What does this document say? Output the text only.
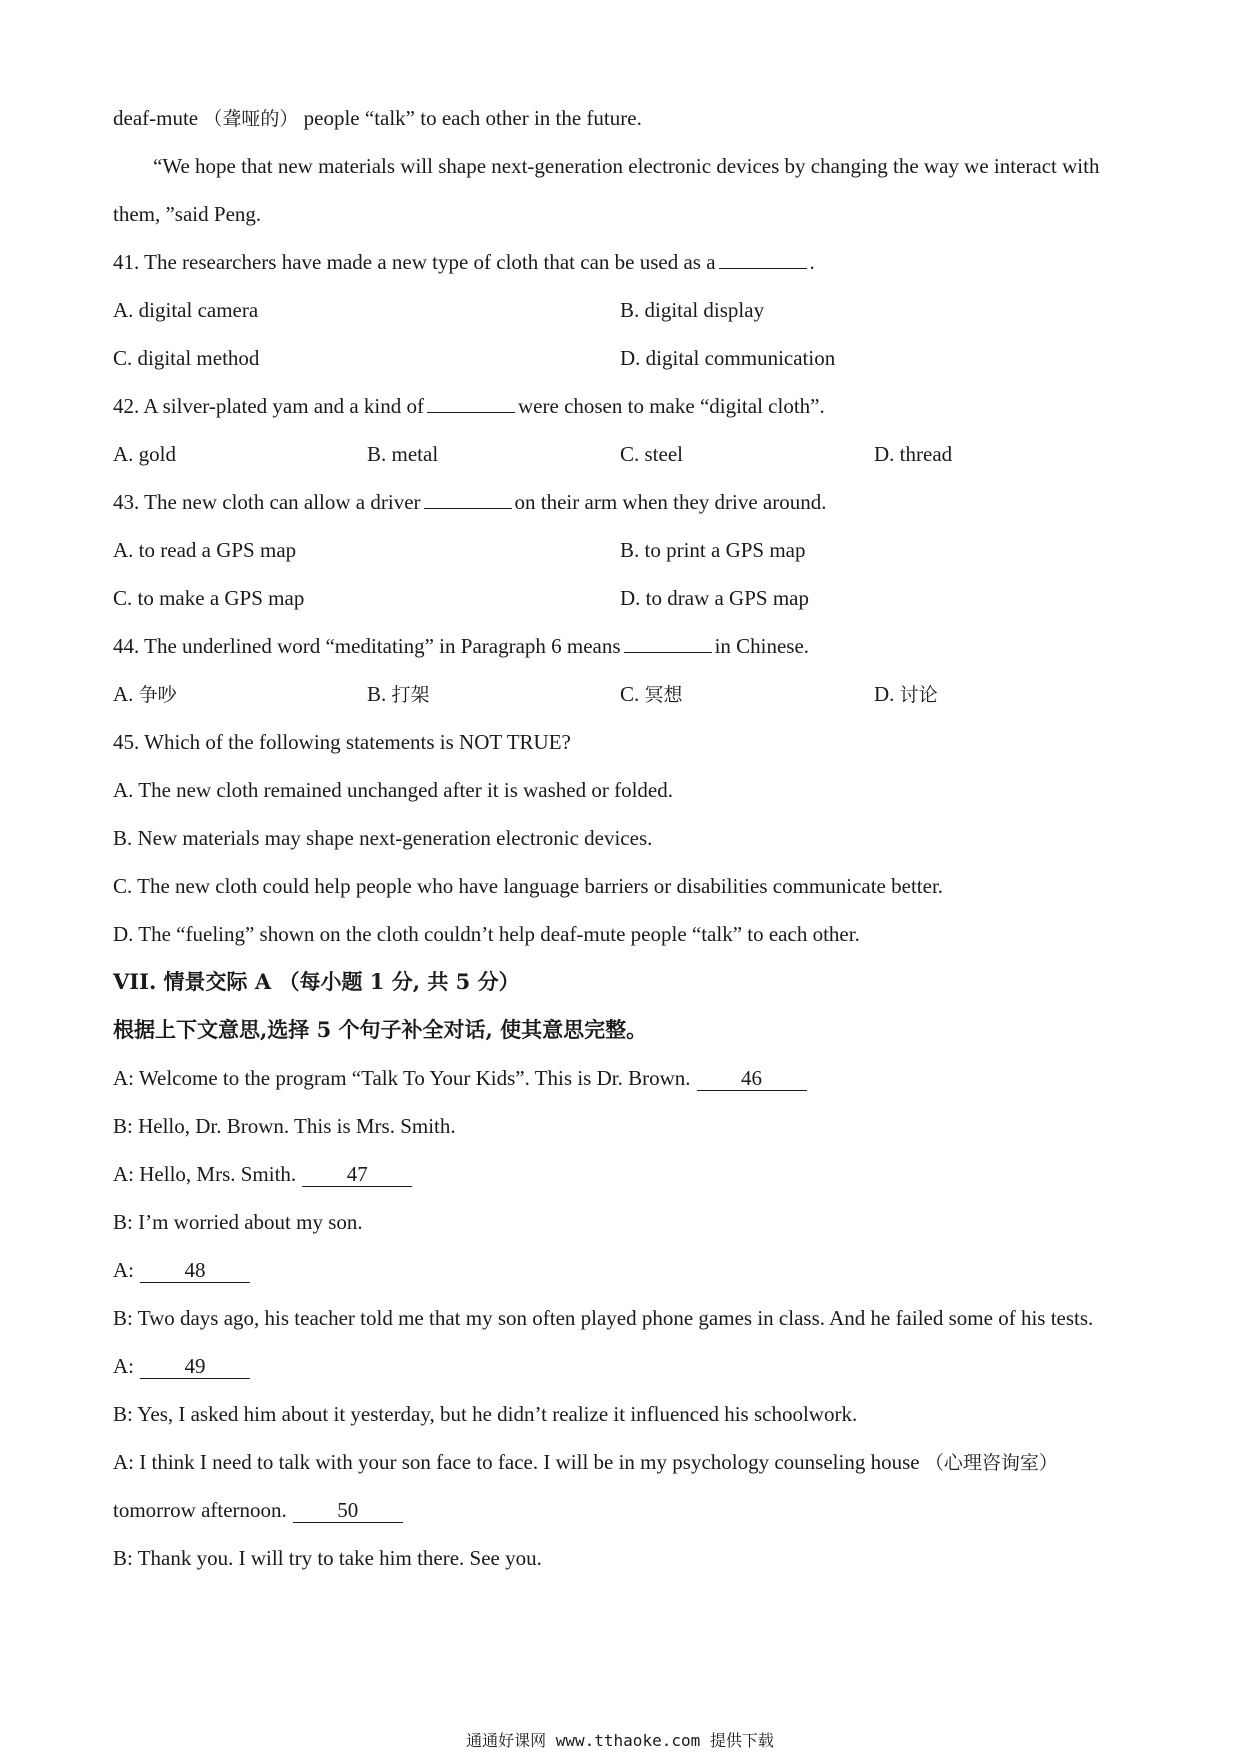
deaf-mute （聋哑的） people “talk” to each other in the future.
“We hope that new materials will shape next-generation electronic devices by changing the way we interact with
them, ”said Peng.
41. The researchers have made a new type of cloth that can be used as a	.
A. digital camera	B. digital display
C. digital method	D. digital communication
42. A silver-plated yam and a kind of	were chosen to make “digital cloth”.
A. gold	B. metal	C. steel	D. thread
43. The new cloth can allow a driver	on their arm when they drive around.
A. to read a GPS map	B. to print a GPS map
C. to make a GPS map	D. to draw a GPS map
44. The underlined word “meditating” in Paragraph 6 means	in Chinese.
A. 争吵	B. 打架	C. 冥想	D. 讨论
45. Which of the following statements is NOT TRUE?
A. The new cloth remained unchanged after it is washed or folded.
B. New materials may shape next-generation electronic devices.
C. The new cloth could help people who have language barriers or disabilities communicate better.
D. The “fueling” shown on the cloth couldn’t help deaf-mute people “talk” to each other.
VII. 情景交际 A （每小题 1 分, 共 5 分）
根据上下文意思,选择 5 个句子补全对话, 使其意思完整。
A: Welcome to the program “Talk To Your Kids”. This is Dr. Brown. 46
B: Hello, Dr. Brown. This is Mrs. Smith.
A: Hello, Mrs. Smith. 47
B: I’m worried about my son.
A: 48
B: Two days ago, his teacher told me that my son often played phone games in class. And he failed some of his tests.
A: 49
B: Yes, I asked him about it yesterday, but he didn’t realize it influenced his schoolwork.
A: I think I need to talk with your son face to face. I will be in my psychology counseling house （心理咨询室）
tomorrow afternoon. 50
B: Thank you. I will try to take him there. See you.
通通好课网 www.tthaoke.com 提供下载
